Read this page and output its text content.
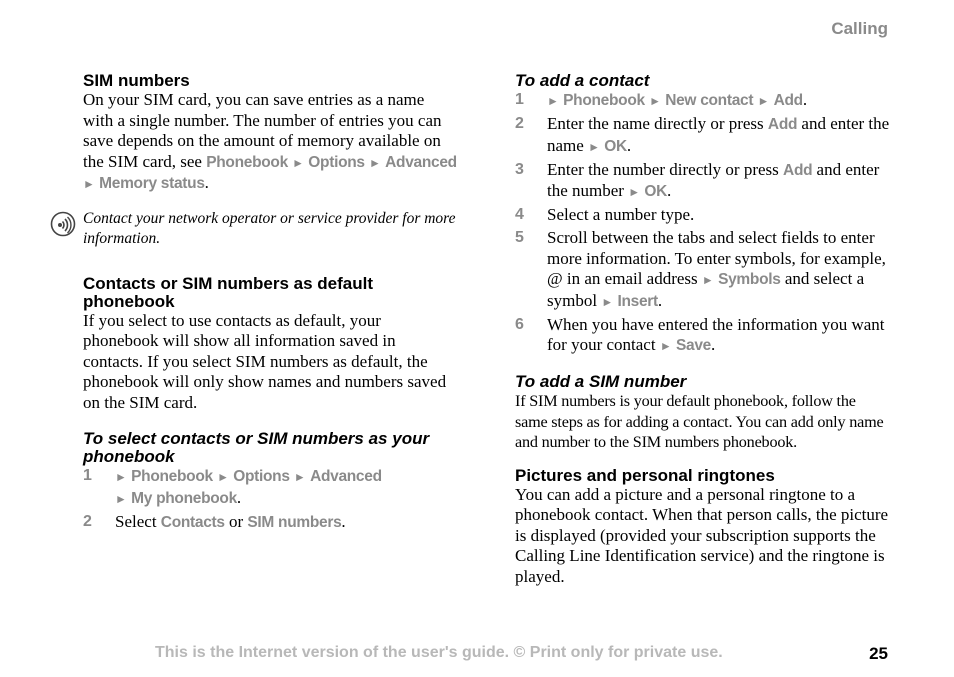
Calling
SIM numbers

On your SIM card, you can save entries as a name with a single number. The number of entries you can save depends on the amount of memory available on the SIM card, see Phonebook ► Options ► Advanced
► Memory status.

Contact your network operator or service provider for more information.

Contacts or SIM numbers as default phonebook

If you select to use contacts as default, your phonebook will show all information saved in contacts. If you select SIM numbers as default, the phonebook will only show names and numbers saved on the SIM card.

To select contacts or SIM numbers as your phonebook
1	► Phonebook ► Options ► Advanced
► My phonebook.
2	Select Contacts or SIM numbers.
To add a contact
1	► Phonebook ► New contact ► Add.
2	Enter the name directly or press Add and enter the name ► OK.
3	Enter the number directly or press Add and enter the number ► OK.
4	Select a number type.
5	Scroll between the tabs and select fields to enter more information. To enter symbols, for example, @ in an email address ► Symbols and select a symbol ► Insert.
6	When you have entered the information you want for your contact ► Save.
To add a SIM number

If SIM numbers is your default phonebook, follow the same steps as for adding a contact. You can add only name and number to the SIM numbers phonebook.

Pictures and personal ringtones

You can add a picture and a personal ringtone to a phonebook contact. When that person calls, the picture is displayed (provided your subscription supports the Calling Line Identification service) and the ringtone is played.

This is the Internet version of the user's guide. © Print only for private use.	25
